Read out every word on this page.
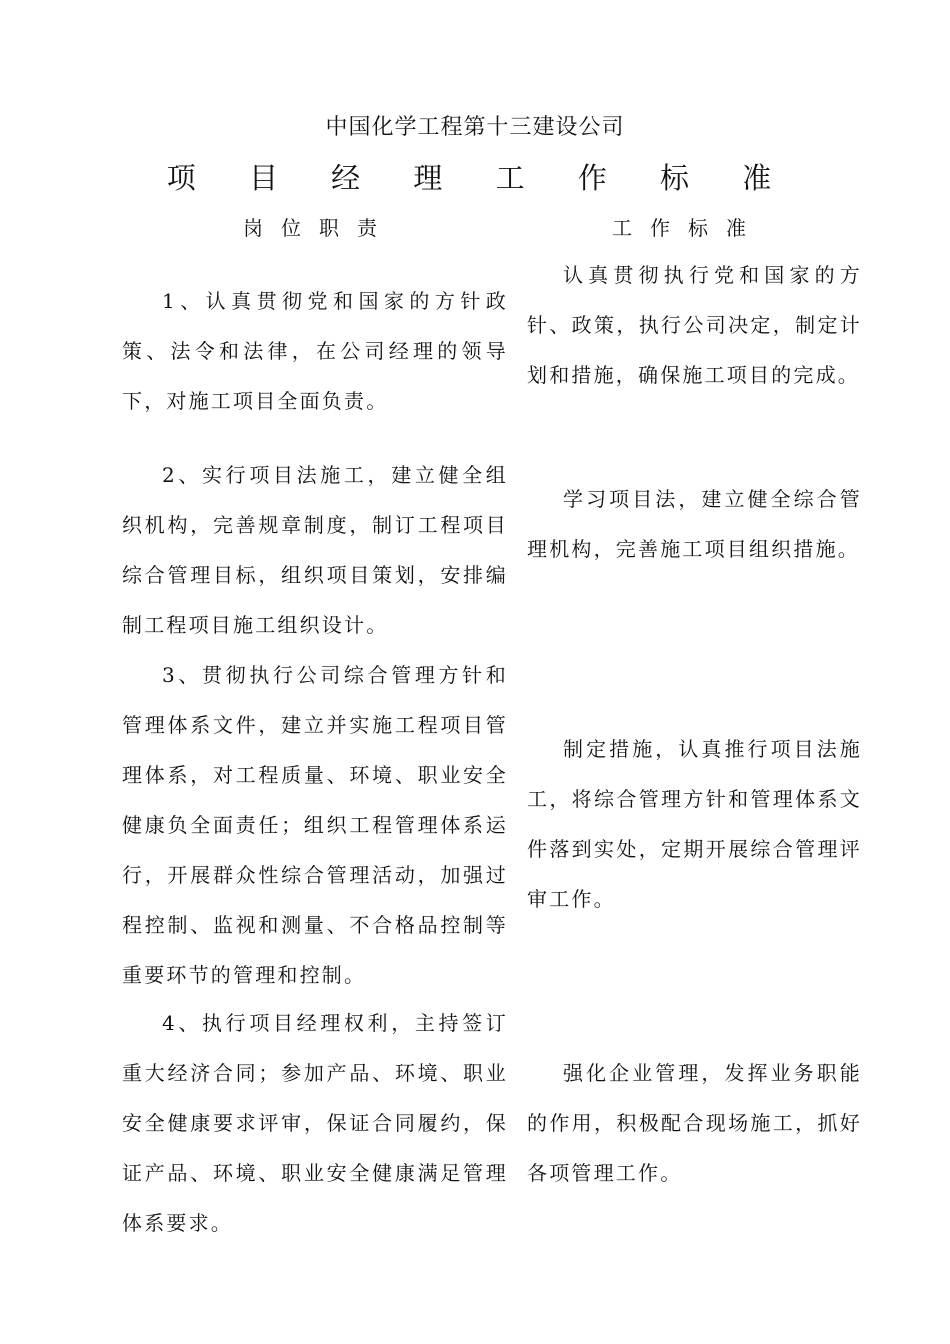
中国化学工程第十三建设公司
项 目 经 理 工 作 标 准
岗位职责	工作标准

1、认真贯彻党和国家的方针政策、法令和法律，在公司经理的领导下，对施工项目全面负责。

认真贯彻执行党和国家的方针、政策，执行公司决定，制定计划和措施，确保施工项目的完成。

2、实行项目法施工，建立健全组织机构，完善规章制度，制订工程项目综合管理目标，组织项目策划，安排编制工程项目施工组织设计。

学习项目法，建立健全综合管理机构，完善施工项目组织措施。

3、贯彻执行公司综合管理方针和管理体系文件，建立并实施工程项目管理体系，对工程质量、环境、职业安全健康负全面责任；组织工程管理体系运行，开展群众性综合管理活动，加强过程控制、监视和测量、不合格品控制等重要环节的管理和控制。

制定措施，认真推行项目法施工，将综合管理方针和管理体系文件落到实处，定期开展综合管理评审工作。

4、执行项目经理权利，主持签订重大经济合同；参加产品、环境、职业安全健康要求评审，保证合同履约，保证产品、环境、职业安全健康满足管理体系要求。

强化企业管理，发挥业务职能的作用，积极配合现场施工，抓好各项管理工作。
